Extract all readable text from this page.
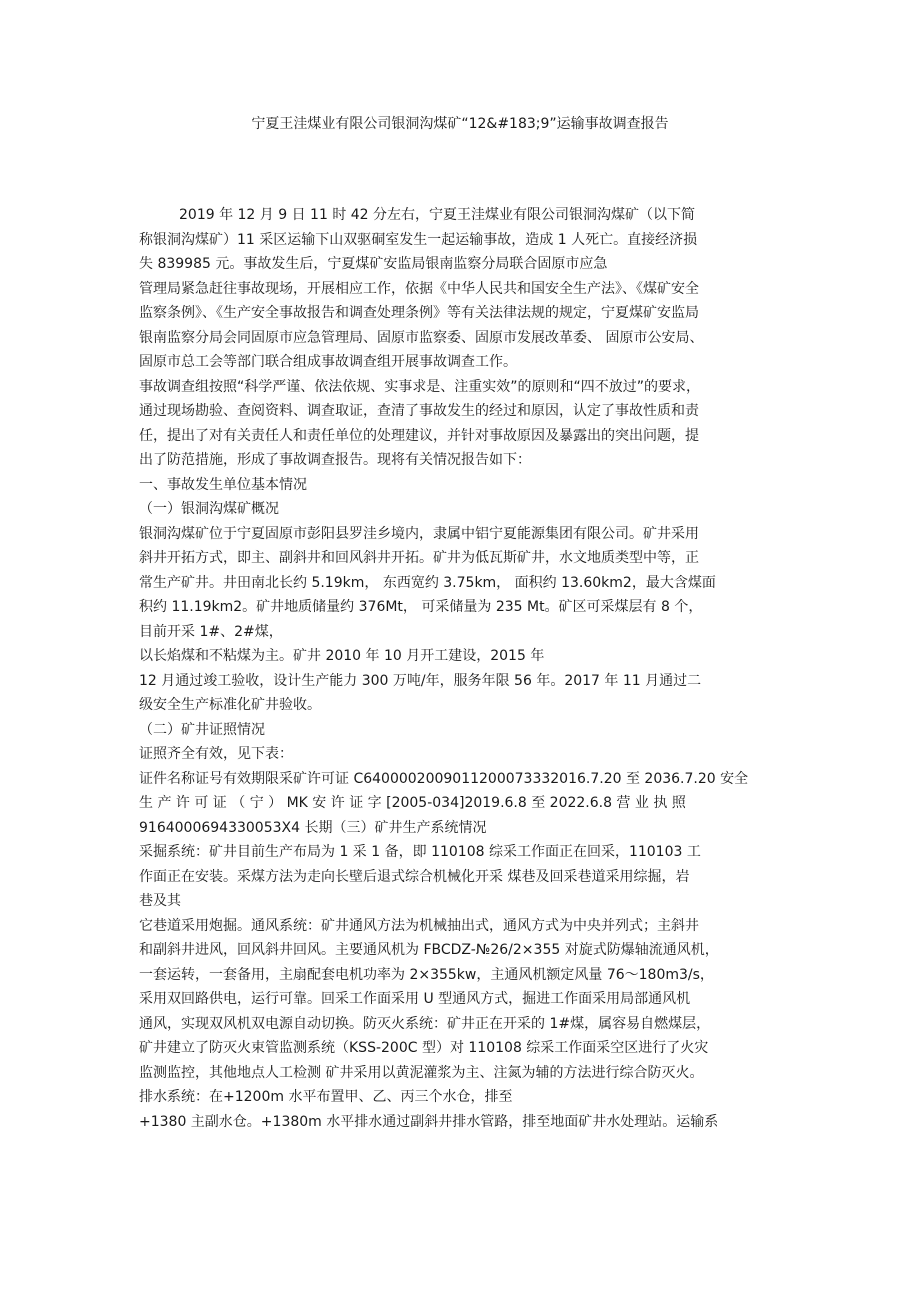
宁夏王洼煤业有限公司银洞沟煤矿“12&#183;9”运输事故调查报告
2019 年 12 月 9 日 11 时 42 分左右，宁夏王洼煤业有限公司银洞沟煤矿（以下简
称银洞沟煤矿）11 采区运输下山双驱硐室发生一起运输事故，造成 1 人死亡。直接经济损
失 839985 元。事故发生后，宁夏煤矿安监局银南监察分局联合固原市应急
管理局紧急赶往事故现场，开展相应工作，依据《中华人民共和国安全生产法》、《煤矿安全
监察条例》、《生产安全事故报告和调查处理条例》等有关法律法规的规定，宁夏煤矿安监局
银南监察分局会同固原市应急管理局、固原市监察委、固原市发展改革委、 固原市公安局、
固原市总工会等部门联合组成事故调查组开展事故调查工作。
事故调查组按照“科学严谨、依法依规、实事求是、注重实效”的原则和“四不放过”的要求，
通过现场勘验、查阅资料、调查取证，查清了事故发生的经过和原因，认定了事故性质和责
任，提出了对有关责任人和责任单位的处理建议，并针对事故原因及暴露出的突出问题，提
出了防范措施，形成了事故调查报告。现将有关情况报告如下：
一、事故发生单位基本情况
（一）银洞沟煤矿概况
银洞沟煤矿位于宁夏固原市彭阳县罗洼乡境内，隶属中铝宁夏能源集团有限公司。矿井采用
斜井开拓方式，即主、副斜井和回风斜井开拓。矿井为低瓦斯矿井，水文地质类型中等，正
常生产矿井。井田南北长约 5.19km， 东西宽约 3.75km， 面积约 13.60km2，最大含煤面
积约 11.19km2。矿井地质储量约 376Mt， 可采储量为 235 Mt。矿区可采煤层有 8 个，
目前开采 1#、2#煤，
以长焰煤和不粘煤为主。矿井 2010 年 10 月开工建设，2015 年
12 月通过竣工验收，设计生产能力 300 万吨/年，服务年限 56 年。2017 年 11 月通过二
级安全生产标准化矿井验收。
（二）矿井证照情况
证照齐全有效，见下表：
证件名称证号有效期限采矿许可证 C6400002009011200073332016.7.20 至 2036.7.20 安全
生 产 许 可 证 （ 宁 ） MK 安 许 证 字 [2005-034]2019.6.8 至 2022.6.8 营 业 执 照
9164000694330053X4 长期（三）矿井生产系统情况
采掘系统：矿井目前生产布局为 1 采 1 备，即 110108 综采工作面正在回采，110103 工
作面正在安装。采煤方法为走向长壁后退式综合机械化开采 煤巷及回采巷道采用综掘，岩
巷及其
它巷道采用炮掘。通风系统：矿井通风方法为机械抽出式，通风方式为中央并列式；主斜井
和副斜井进风，回风斜井回风。主要通风机为 FBCDZ-№26/2×355 对旋式防爆轴流通风机，
一套运转，一套备用，主扇配套电机功率为 2×355kw，主通风机额定风量 76～180m3/s，
采用双回路供电，运行可靠。回采工作面采用 U 型通风方式，掘进工作面采用局部通风机
通风，实现双风机双电源自动切换。防灭火系统：矿井正在开采的 1#煤，属容易自燃煤层，
矿井建立了防灭火束管监测系统（KSS-200C 型）对 110108 综采工作面采空区进行了火灾
监测监控，其他地点人工检测 矿井采用以黄泥灌浆为主、注氮为辅的方法进行综合防灭火。
排水系统：在+1200m 水平布置甲、乙、丙三个水仓，排至
+1380 主副水仓。+1380m 水平排水通过副斜井排水管路，排至地面矿井水处理站。运输系
